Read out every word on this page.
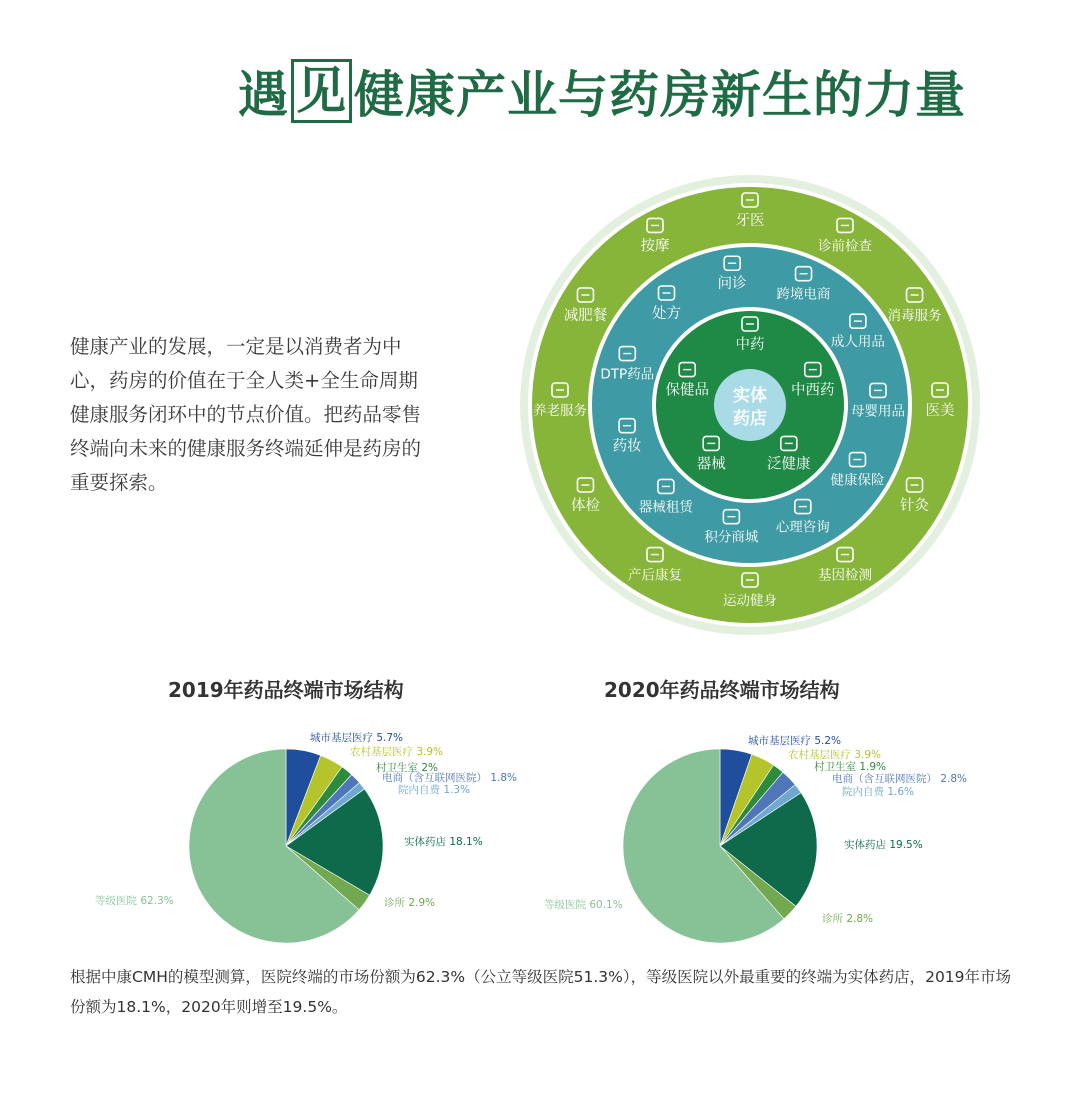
遇 见 健康产业与药房新生的力量
健康产业的发展，一定是以消费者为中心，药房的价值在于全人类+全生命周期健康服务闭环中的节点价值。把药品零售终端向未来的健康服务终端延伸是药房的重要探索。
实体
药店
中药
中西药
泛健康
器械
保健品
问诊
跨境电商
成人用品
母婴用品
健康保险
心理咨询
积分商城
器械租赁
药妆
DTP药品
处方
牙医
诊前检查
消毒服务
医美
针灸
基因检测
运动健身
产后康复
体检
养老服务
减肥餐
按摩
2019年药品终端市场结构	2020年药品终端市场结构
城市基层医疗 5.7%
农村基层医疗 3.9%
村卫生室 2%
电商（含互联网医院） 1.8%
院内自费 1.3%
实体药店 18.1%
诊所 2.9%
等级医院 62.3%
城市基层医疗 5.2%
农村基层医疗 3.9%
村卫生室 1.9%
电商（含互联网医院） 2.8%
院内自费 1.6%
实体药店 19.5%
诊所 2.8%
等级医院 60.1%
根据中康CMH的模型测算，医院终端的市场份额为62.3%（公立等级医院51.3%），等级医院以外最重要的终端为实体药店，2019年市场份额为18.1%，2020年则增至19.5%。
